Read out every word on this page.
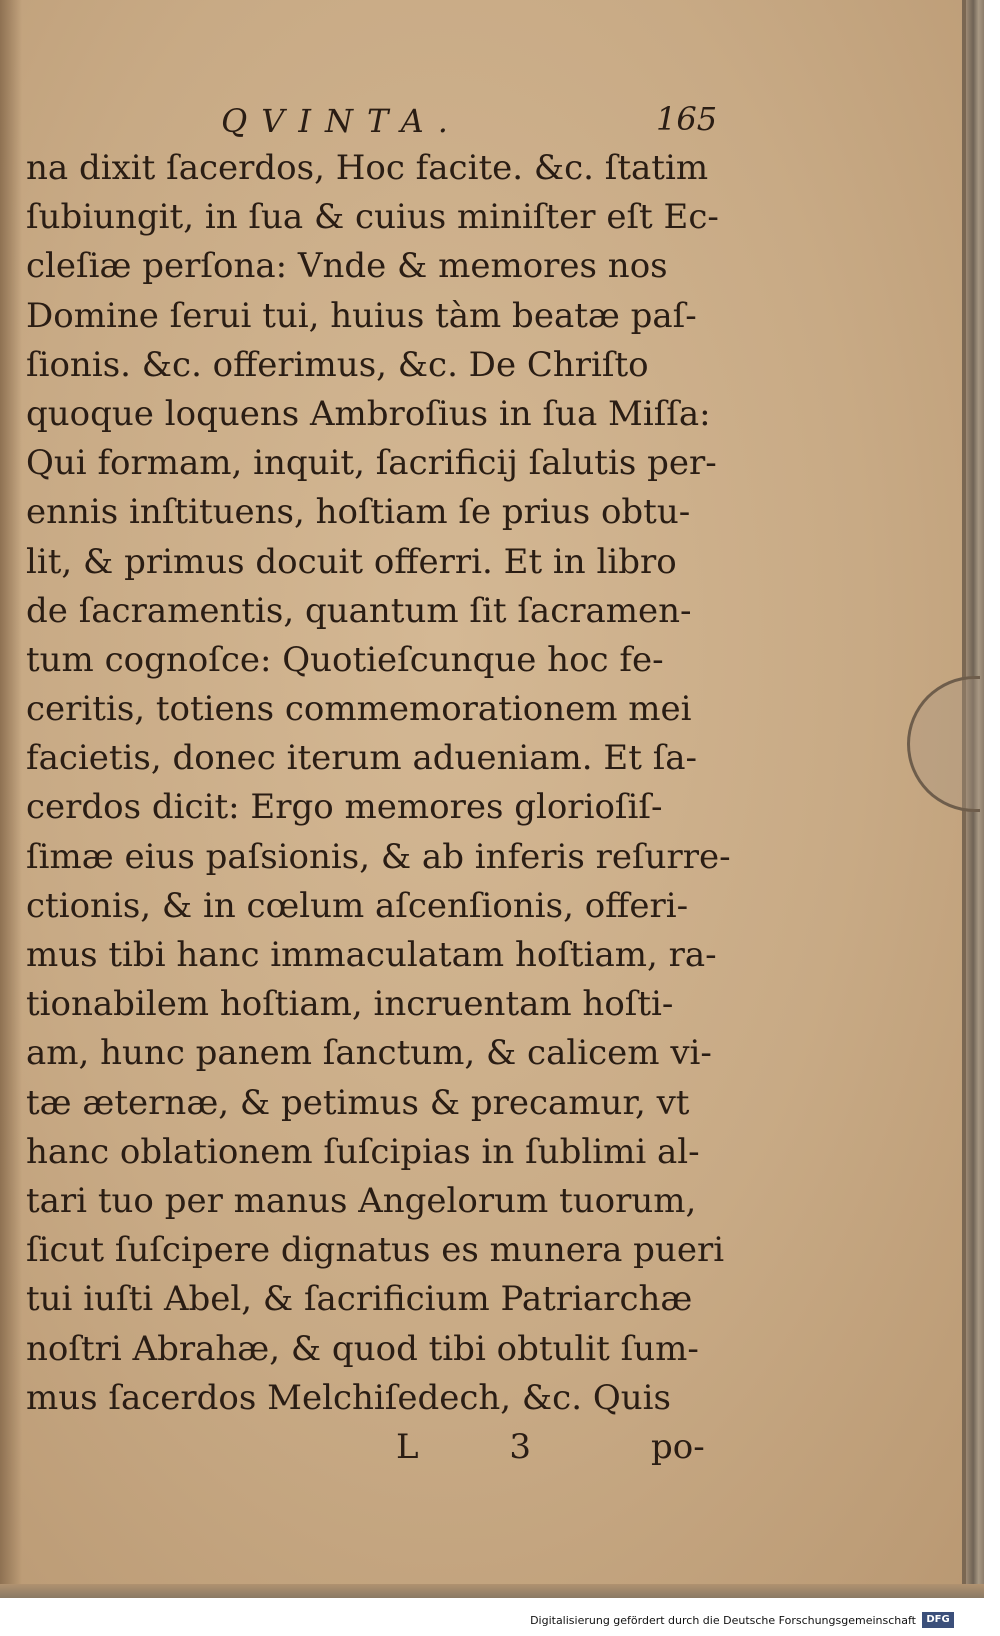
QVINTA.	165
na dixit ſacerdos, Hoc facite. &c. ſtatim
ſubiungit, in ſua & cuius miniſter eſt Ec-
cleſiæ perſona: Vnde & memores nos
Domine ſerui tui, huius tàm beatæ paſ-
ſionis. &c. offerimus, &c. De Chriſto
quoque loquens Ambroſius in ſua Miſſa:
Qui formam, inquit, ſacrificij ſalutis per-
ennis inſtituens, hoſtiam ſe prius obtu-
lit, & primus docuit offerri. Et in libro
de ſacramentis, quantum ſit ſacramen-
tum cognoſce: Quotieſcunque hoc fe-
ceritis, totiens commemorationem mei
facietis, donec iterum adueniam. Et ſa-
cerdos dicit: Ergo memores glorioſiſ-
ſimæ eius paſsionis, & ab inferis reſurre-
ctionis, & in cœlum aſcenſionis, offeri-
mus tibi hanc immaculatam hoſtiam, ra-
tionabilem hoſtiam, incruentam hoſti-
am, hunc panem ſanctum, & calicem vi-
tæ æternæ, & petimus & precamur, vt
hanc oblationem ſuſcipias in ſublimi al-
tari tuo per manus Angelorum tuorum,
ſicut ſuſcipere dignatus es munera pueri
tui iuſti Abel, & ſacrificium Patriarchæ
noſtri Abrahæ, & quod tibi obtulit ſum-
mus ſacerdos Melchiſedech, &c. Quis
L 3 po-
Digitalisierung gefördert durch die Deutsche Forschungsgemeinschaft	DFG
